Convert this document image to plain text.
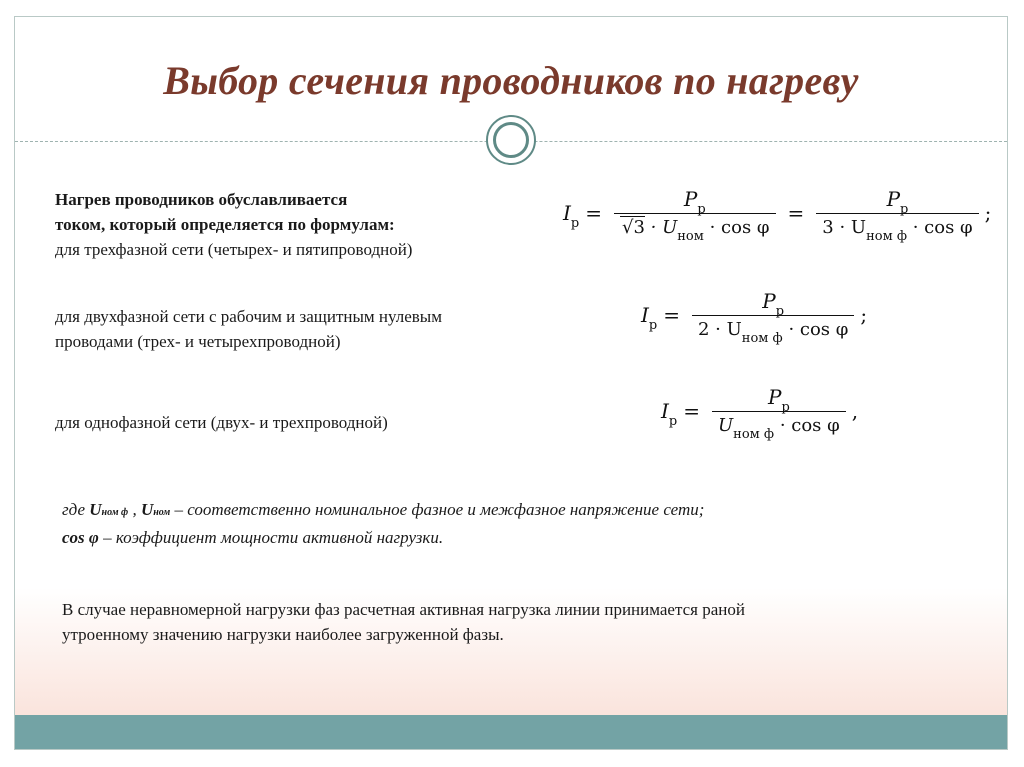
Выбор сечения проводников по нагреву
Нагрев проводников обуславливается
током, который определяется по формулам:
для трехфазной сети (четырех- и пятипроводной)
$I_р = \frac{P_р}{√3 \cdot U_{ном} \cdot \cos \varphi} = \frac{P_р}{3 \cdot U_{ном ф} \cdot \cos \varphi}$ ;
для двухфазной сети с рабочим и защитным нулевым
проводами (трех- и четырехпроводной)
$I_р = \frac{P_р}{2 \cdot U_{ном ф} \cdot \cos \varphi}$ ;
для однофазной сети (двух- и трехпроводной)	$I_р = \frac{P_р}{U_{ном ф} \cdot \cos \varphi}$ ,
где Uном ф , Uном – соответственно номинальное фазное и межфазное напряжение сети;
cos φ – коэффициент мощности активной нагрузки.
В случае неравномерной нагрузки фаз расчетная активная нагрузка линии принимается раной
утроенному значению нагрузки наиболее загруженной фазы.
